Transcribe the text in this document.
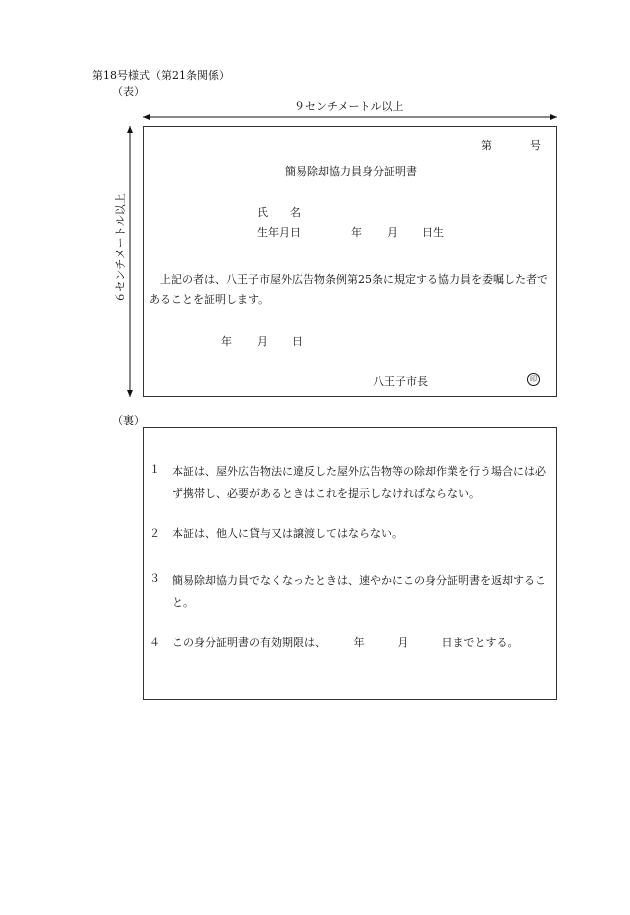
第18号様式（第21条関係）
（表）
９センチメートル以上
６センチメートル以上
第	号
簡易除却協力員身分証明書
氏　　名
生年月日	年 月 日生
上記の者は、八王子市屋外広告物条例第25条に規定する協力員を委嘱した者であることを証明します。
年 月 日
八王子市長	印
（裏）
１ 本証は、屋外広告物法に違反した屋外広告物等の除却作業を行う場合には必ず携帯し、必要があるときはこれを提示しなければならない。
２ 本証は、他人に貸与又は譲渡してはならない。
３ 簡易除却協力員でなくなったときは、速やかにこの身分証明書を返却すること。
４ この身分証明書の有効期限は、　　　年　　　月　　　日までとする。
